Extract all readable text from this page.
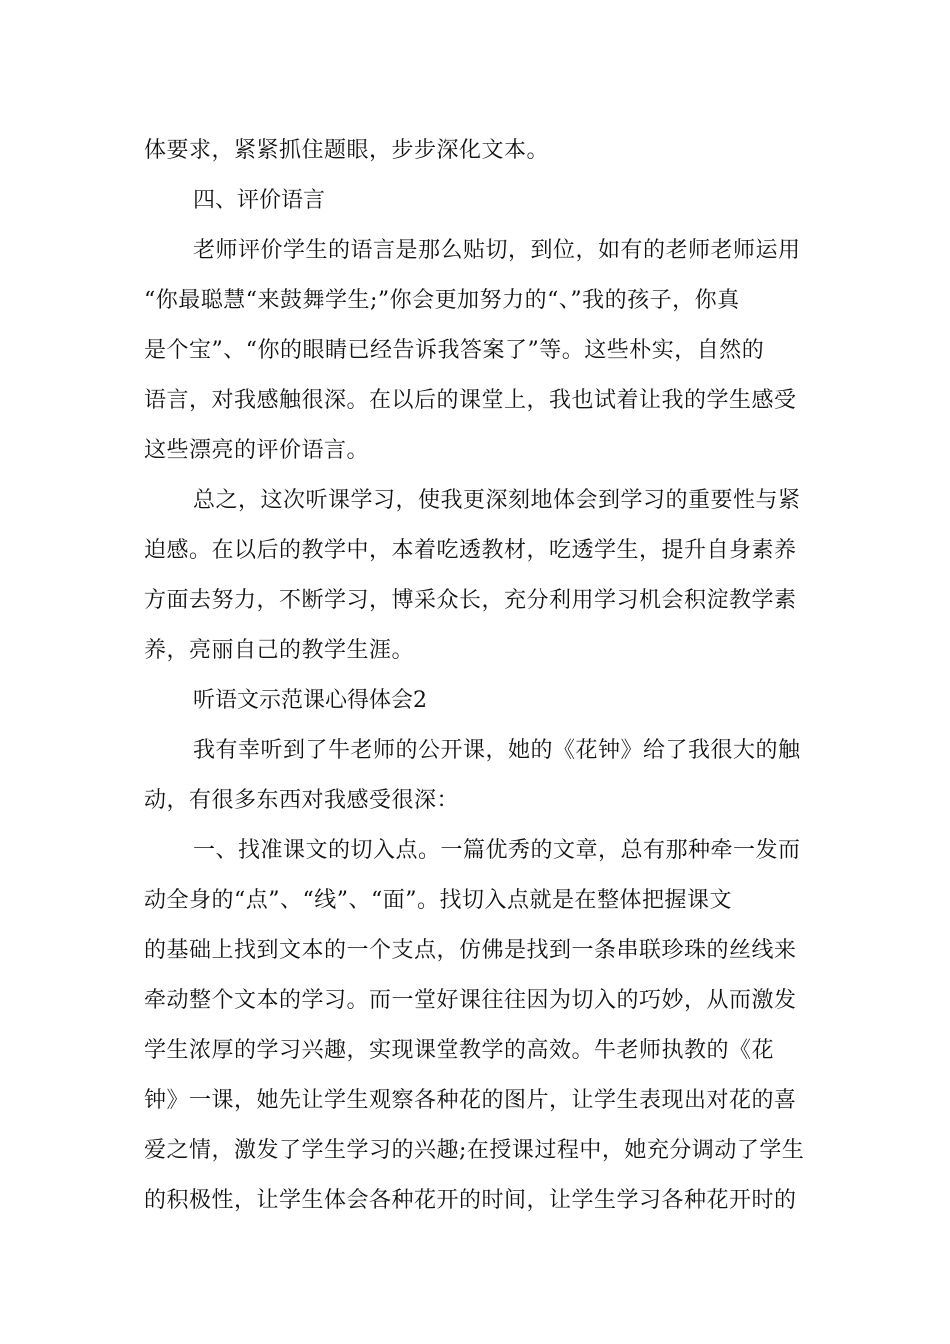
体要求，紧紧抓住题眼，步步深化文本。
四、评价语言
老师评价学生的语言是那么贴切，到位，如有的老师老师运用
“你最聪慧“来鼓舞学生;”你会更加努力的“、”我的孩子，你真
是个宝”、“你的眼睛已经告诉我答案了”等。这些朴实，自然的
语言，对我感触很深。在以后的课堂上，我也试着让我的学生感受
这些漂亮的评价语言。
总之，这次听课学习，使我更深刻地体会到学习的重要性与紧
迫感。在以后的教学中，本着吃透教材，吃透学生，提升自身素养
方面去努力，不断学习，博采众长，充分利用学习机会积淀教学素
养，亮丽自己的教学生涯。
听语文示范课心得体会2
我有幸听到了牛老师的公开课，她的《花钟》给了我很大的触
动，有很多东西对我感受很深：
一、找准课文的切入点。一篇优秀的文章，总有那种牵一发而
动全身的“点”、“线”、“面”。找切入点就是在整体把握课文
的基础上找到文本的一个支点，仿佛是找到一条串联珍珠的丝线来
牵动整个文本的学习。而一堂好课往往因为切入的巧妙，从而激发
学生浓厚的学习兴趣，实现课堂教学的高效。牛老师执教的《花
钟》一课，她先让学生观察各种花的图片，让学生表现出对花的喜
爱之情，激发了学生学习的兴趣;在授课过程中，她充分调动了学生
的积极性，让学生体会各种花开的时间，让学生学习各种花开时的
